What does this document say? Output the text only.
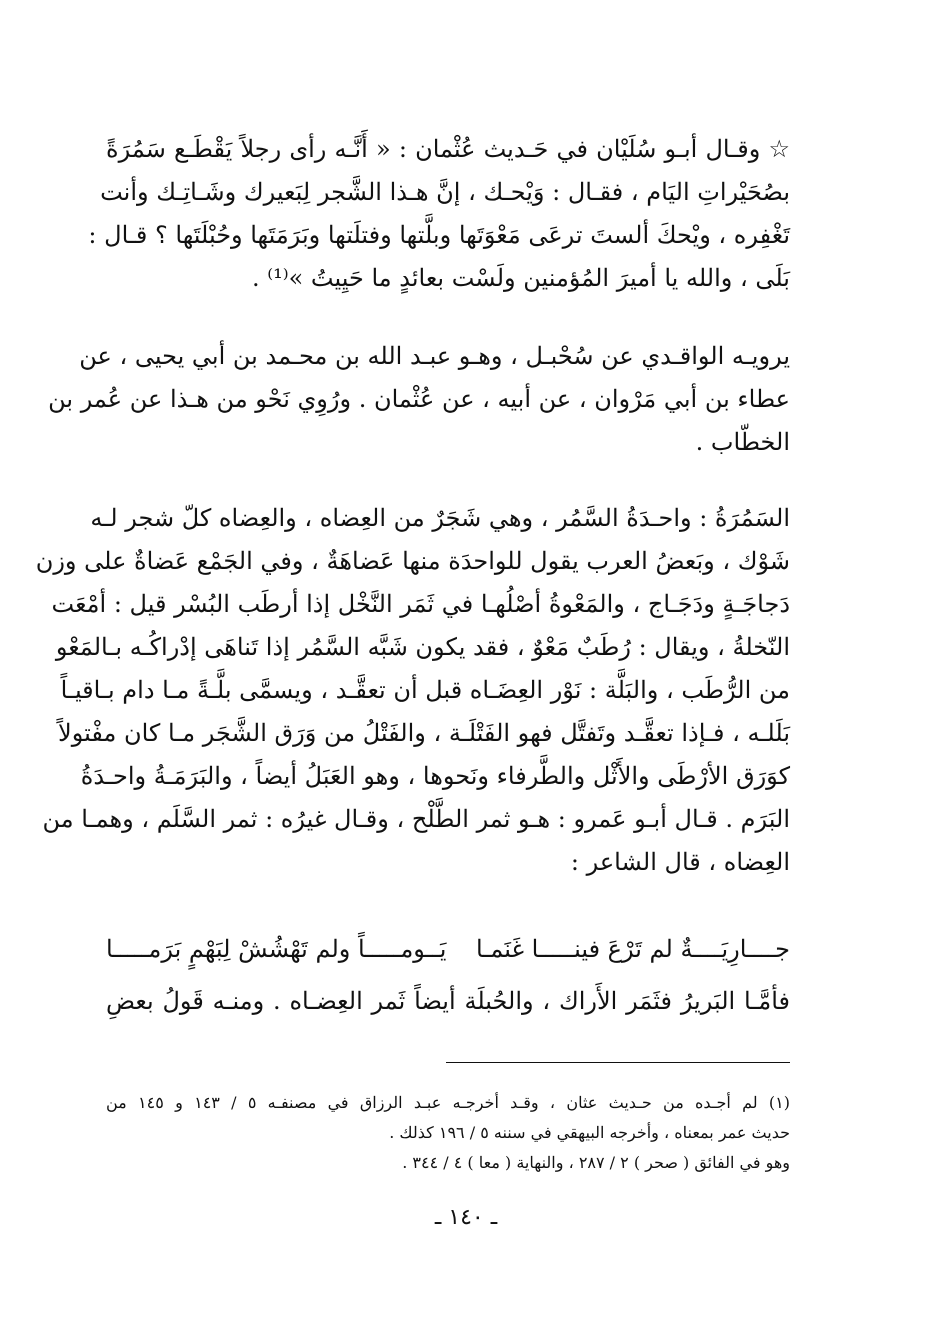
☆ وقـال أبـو سُلَيْان في حَـديث عُثْمان : « أَنَّـه رأى رجلاً يَقْطَـع سَمُرَةً
بصُحَيْراتِ اليَام ، فقـال : وَيْحـك ، إنَّ هـذا الشَّجر لِبَعيرك وشَـاتِـك وأنت
تَغْفِره ، ويْحكَ ألستَ ترعَى مَعْوَتَها وبلَّتها وفتلَتها وبَرَمَتَها وحُبْلَتَها ؟ قـال :
بَلَى ، والله يا أميرَ المُؤمنين ولَسْت بعائدٍ ما حَيِيتُ »⁽¹⁾ .
يرويـه الواقـدي عن سُحْبـل ، وهـو عبـد الله بن محـمد بن أبي يحيى ، عن
عطاء بن أبي مَرْوان ، عن أبيه ، عن عُثْمان . ورُوِي نَحْو من هـذا عن عُمر بن
الخطّاب .
السَمُرَةُ : واحـدَةُ السَّمُر ، وهي شَجَرٌ من العِضاه ، والعِضاه كلّ شجر لـه
شَوْك ، وبَعضُ العرب يقول للواحدَة منها عَضاهَةٌ ، وفي الجَمْع عَضاةٌ على وزن
دَجاجَـةٍ ودَجَـاج ، والمَعْوةُ أصْلُهـا في ثَمَر النَّخْل إذا أرطَب البُسْر قيل : أمْعَت
النّخلةُ ، ويقال : رُطَبٌ مَعْوٌ ، فقد يكون شَبَّه السَّمُر إذا تَناهَى إدْراكُـه بـالمَعْو
من الرُّطَب ، والبَلَّة : نَوْر العِضَـاه قبل أن تعقَّـد ، ويسمَّى بلَّـةً مـا دام بـاقيـاً
بَلَلـه ، فـإذا تعقَّـد وتَفتَّل فهو الفَتْلَـة ، والفَتْلُ من وَرَق الشَّجَر مـا كان مفْتولاً
كوَرَق الأرْطَى والأَثْل والطَّرفاء ونَحوها ، وهو العَبَلُ أيضاً ، والبَرَمَـةُ واحـدَةُ
البَرَم . قـال أبـو عَمرو : هـو ثمر الطَّلْح ، وقـال غيرُه : ثمر السَّلَم ، وهمـا من
العِضاه ، قال الشاعر :
جــــارِيَــــةٌ لم تَرْعَ فينـــــا غَنَمـا
يَــومـــــاً ولم تَهْشُشْ لِبَهْمٍ بَرَمـــــا
فأمَّـا البَريرُ فثَمَر الأَراك ، والحُبلَة أيضاً ثَمر العِضـاه . ومنـه قَولُ بعضِ
(١) لم أجـده من حـديث عثان ، وقـد أخرجـه عبـد الرزاق في مصنفـه ٥ / ١٤٣ و ١٤٥ من
حديث عمر بمعناه ، وأخرجه البيهقي في سننه ٥ / ١٩٦ كذلك .
وهو في الفائق ( صحر ) ٢ / ٢٨٧ ، والنهاية ( معا ) ٤ / ٣٤٤ .
ـ ١٤٠ ـ
